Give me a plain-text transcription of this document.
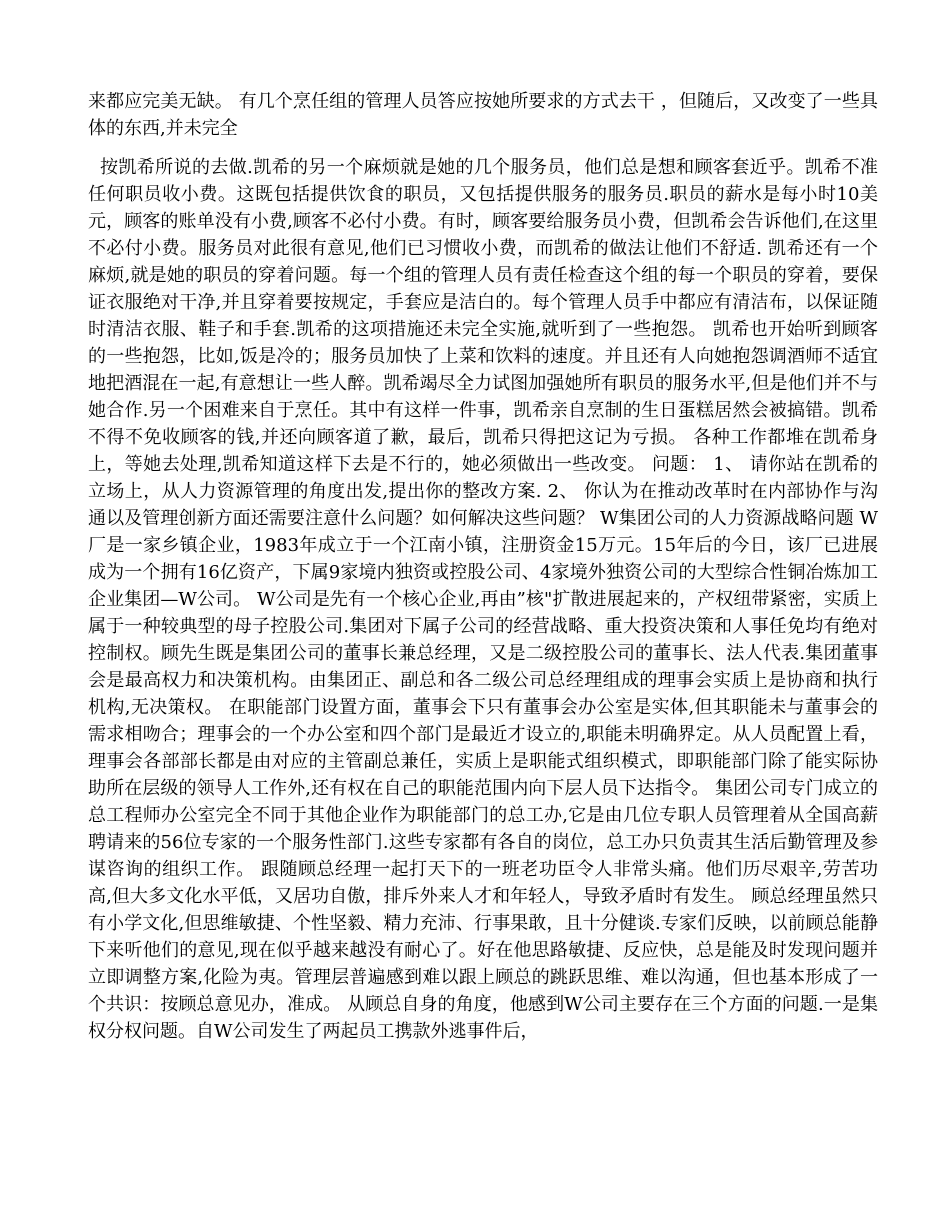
来都应完美无缺。 有几个烹任组的管理人员答应按她所要求的方式去干 ，但随后，又改变了一些具体的东西,并未完全

按凯希所说的去做.凯希的另一个麻烦就是她的几个服务员，他们总是想和顾客套近乎。凯希不准任何职员收小费。这既包括提供饮食的职员，又包括提供服务的服务员.职员的薪水是每小时10美元，顾客的账单没有小费,顾客不必付小费。有时，顾客要给服务员小费，但凯希会告诉他们,在这里不必付小费。服务员对此很有意见,他们已习惯收小费，而凯希的做法让他们不舒适. 凯希还有一个麻烦,就是她的职员的穿着问题。每一个组的管理人员有责任检查这个组的每一个职员的穿着，要保证衣服绝对干净,并且穿着要按规定，手套应是洁白的。每个管理人员手中都应有清洁布，以保证随时清洁衣服、鞋子和手套.凯希的这项措施还未完全实施,就听到了一些抱怨。 凯希也开始听到顾客的一些抱怨，比如,饭是冷的；服务员加快了上菜和饮料的速度。并且还有人向她抱怨调酒师不适宜地把酒混在一起,有意想让一些人醉。凯希竭尽全力试图加强她所有职员的服务水平,但是他们并不与她合作.另一个困难来自于烹任。其中有这样一件事，凯希亲自烹制的生日蛋糕居然会被搞错。凯希不得不免收顾客的钱,并还向顾客道了歉，最后，凯希只得把这记为亏损。 各种工作都堆在凯希身上，等她去处理,凯希知道这样下去是不行的，她必须做出一些改变。 问题： 1、 请你站在凯希的立场上，从人力资源管理的角度出发,提出你的整改方案. 2、 你认为在推动改革时在内部协作与沟通以及管理创新方面还需要注意什么问题？如何解决这些问题？ W集团公司的人力资源战略问题 W厂是一家乡镇企业，1983年成立于一个江南小镇，注册资金15万元。15年后的今日，该厂已进展成为一个拥有16亿资产，下属9家境内独资或控股公司、4家境外独资公司的大型综合性铜冶炼加工企业集团—W公司。 W公司是先有一个核心企业,再由”核"扩散进展起来的，产权纽带紧密，实质上属于一种较典型的母子控股公司.集团对下属子公司的经营战略、重大投资决策和人事任免均有绝对控制权。顾先生既是集团公司的董事长兼总经理，又是二级控股公司的董事长、法人代表.集团董事会是最高权力和决策机构。由集团正、副总和各二级公司总经理组成的理事会实质上是协商和执行机构,无决策权。 在职能部门设置方面，董事会下只有董事会办公室是实体,但其职能未与董事会的需求相吻合；理事会的一个办公室和四个部门是最近才设立的,职能未明确界定。从人员配置上看，理事会各部部长都是由对应的主管副总兼任，实质上是职能式组织模式，即职能部门除了能实际协助所在层级的领导人工作外,还有权在自己的职能范围内向下层人员下达指令。 集团公司专门成立的总工程师办公室完全不同于其他企业作为职能部门的总工办,它是由几位专职人员管理着从全国高薪聘请来的56位专家的一个服务性部门.这些专家都有各自的岗位，总工办只负责其生活后勤管理及参谋咨询的组织工作。 跟随顾总经理一起打天下的一班老功臣令人非常头痛。他们历尽艰辛,劳苦功高,但大多文化水平低，又居功自傲，排斥外来人才和年轻人，导致矛盾时有发生。 顾总经理虽然只有小学文化,但思维敏捷、个性坚毅、精力充沛、行事果敢，且十分健谈.专家们反映，以前顾总能静下来听他们的意见,现在似乎越来越没有耐心了。好在他思路敏捷、反应快，总是能及时发现问题并立即调整方案,化险为夷。管理层普遍感到难以跟上顾总的跳跃思维、难以沟通，但也基本形成了一个共识：按顾总意见办，准成。 从顾总自身的角度，他感到W公司主要存在三个方面的问题.一是集权分权问题。自W公司发生了两起员工携款外逃事件后，
